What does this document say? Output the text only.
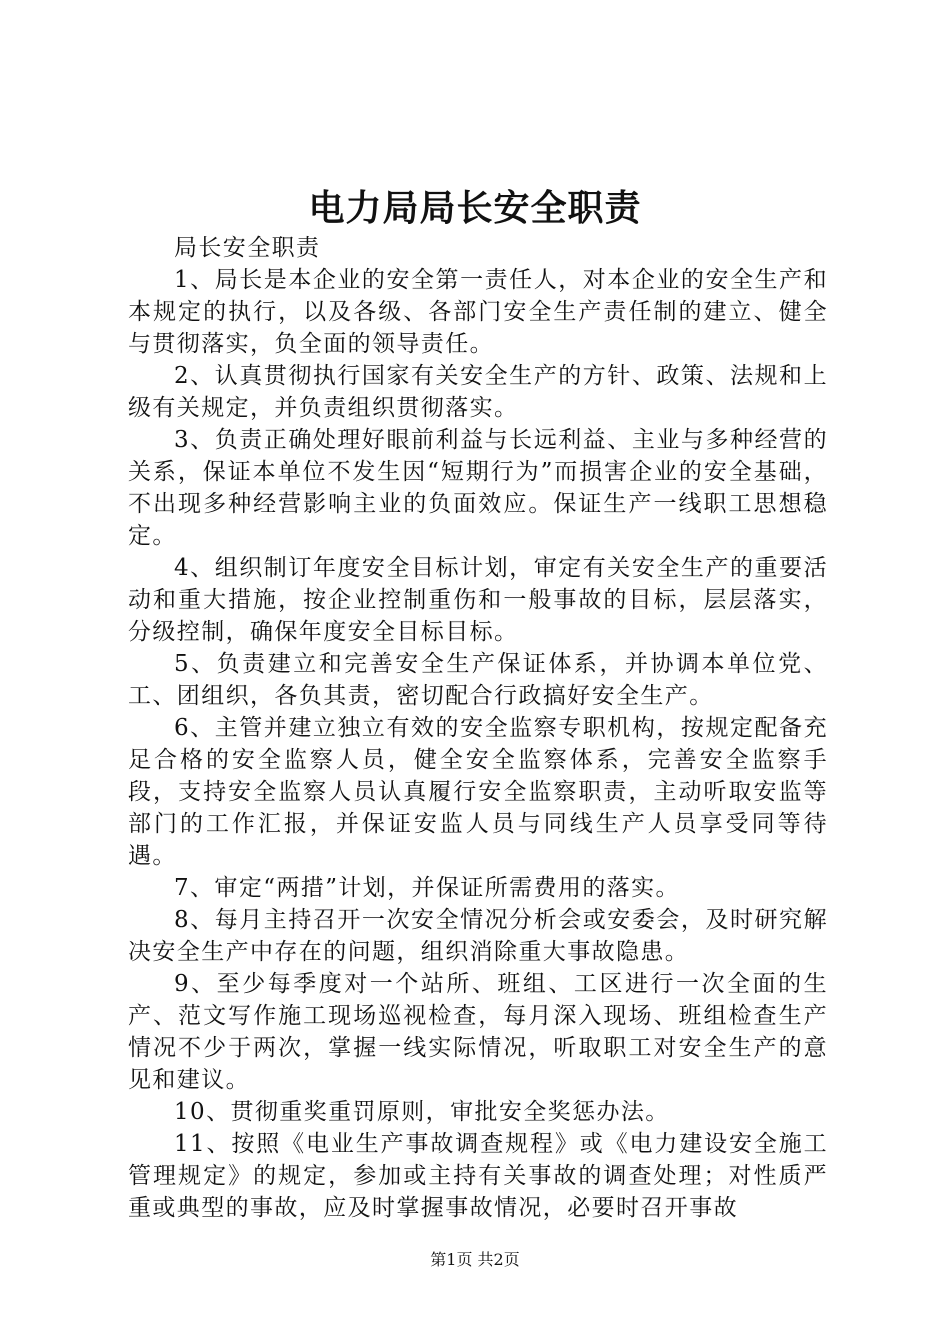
电力局局长安全职责

局长安全职责

1、局长是本企业的安全第一责任人，对本企业的安全生产和本规定的执行，以及各级、各部门安全生产责任制的建立、健全与贯彻落实，负全面的领导责任。

2、认真贯彻执行国家有关安全生产的方针、政策、法规和上级有关规定，并负责组织贯彻落实。

3、负责正确处理好眼前利益与长远利益、主业与多种经营的关系，保证本单位不发生因“短期行为”而损害企业的安全基础，不出现多种经营影响主业的负面效应。保证生产一线职工思想稳定。

4、组织制订年度安全目标计划，审定有关安全生产的重要活动和重大措施，按企业控制重伤和一般事故的目标，层层落实，分级控制，确保年度安全目标目标。

5、负责建立和完善安全生产保证体系，并协调本单位党、工、团组织，各负其责，密切配合行政搞好安全生产。

6、主管并建立独立有效的安全监察专职机构，按规定配备充足合格的安全监察人员，健全安全监察体系，完善安全监察手段，支持安全监察人员认真履行安全监察职责，主动听取安监等部门的工作汇报，并保证安监人员与同线生产人员享受同等待遇。

7、审定“两措”计划，并保证所需费用的落实。

8、每月主持召开一次安全情况分析会或安委会，及时研究解决安全生产中存在的问题，组织消除重大事故隐患。

9、至少每季度对一个站所、班组、工区进行一次全面的生产、范文写作施工现场巡视检查，每月深入现场、班组检查生产情况不少于两次，掌握一线实际情况，听取职工对安全生产的意见和建议。

10、贯彻重奖重罚原则，审批安全奖惩办法。

11、按照《电业生产事故调查规程》或《电力建设安全施工管理规定》的规定，参加或主持有关事故的调查处理；对性质严重或典型的事故，应及时掌握事故情况，必要时召开事故

第1页 共2页
